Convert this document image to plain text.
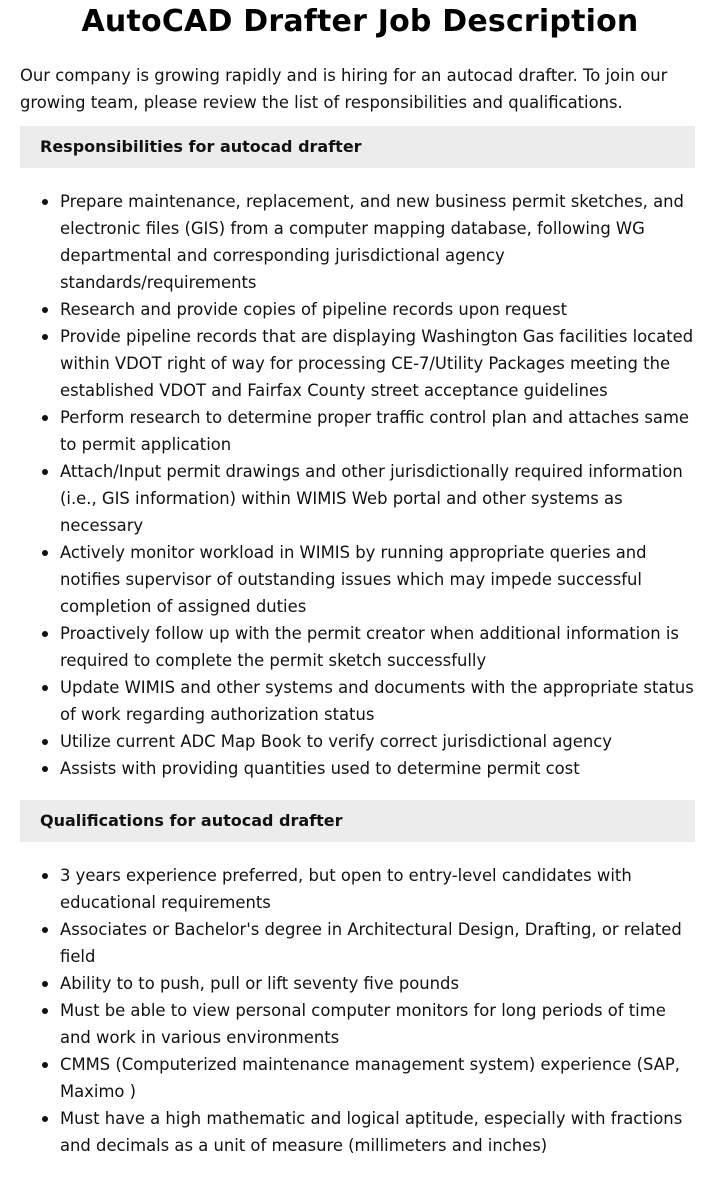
AutoCAD Drafter Job Description

Our company is growing rapidly and is hiring for an autocad drafter. To join our growing team, please review the list of responsibilities and qualifications.

Responsibilities for autocad drafter
Prepare maintenance, replacement, and new business permit sketches, and electronic files (GIS) from a computer mapping database, following WG departmental and corresponding jurisdictional agency standards/requirements
Research and provide copies of pipeline records upon request
Provide pipeline records that are displaying Washington Gas facilities located within VDOT right of way for processing CE-7/Utility Packages meeting the established VDOT and Fairfax County street acceptance guidelines
Perform research to determine proper traffic control plan and attaches same to permit application
Attach/Input permit drawings and other jurisdictionally required information (i.e., GIS information) within WIMIS Web portal and other systems as necessary
Actively monitor workload in WIMIS by running appropriate queries and notifies supervisor of outstanding issues which may impede successful completion of assigned duties
Proactively follow up with the permit creator when additional information is required to complete the permit sketch successfully
Update WIMIS and other systems and documents with the appropriate status of work regarding authorization status
Utilize current ADC Map Book to verify correct jurisdictional agency
Assists with providing quantities used to determine permit cost
Qualifications for autocad drafter
3 years experience preferred, but open to entry-level candidates with educational requirements
Associates or Bachelor's degree in Architectural Design, Drafting, or related field
Ability to to push, pull or lift seventy five pounds
Must be able to view personal computer monitors for long periods of time and work in various environments
CMMS (Computerized maintenance management system) experience (SAP, Maximo )
Must have a high mathematic and logical aptitude, especially with fractions and decimals as a unit of measure (millimeters and inches)
